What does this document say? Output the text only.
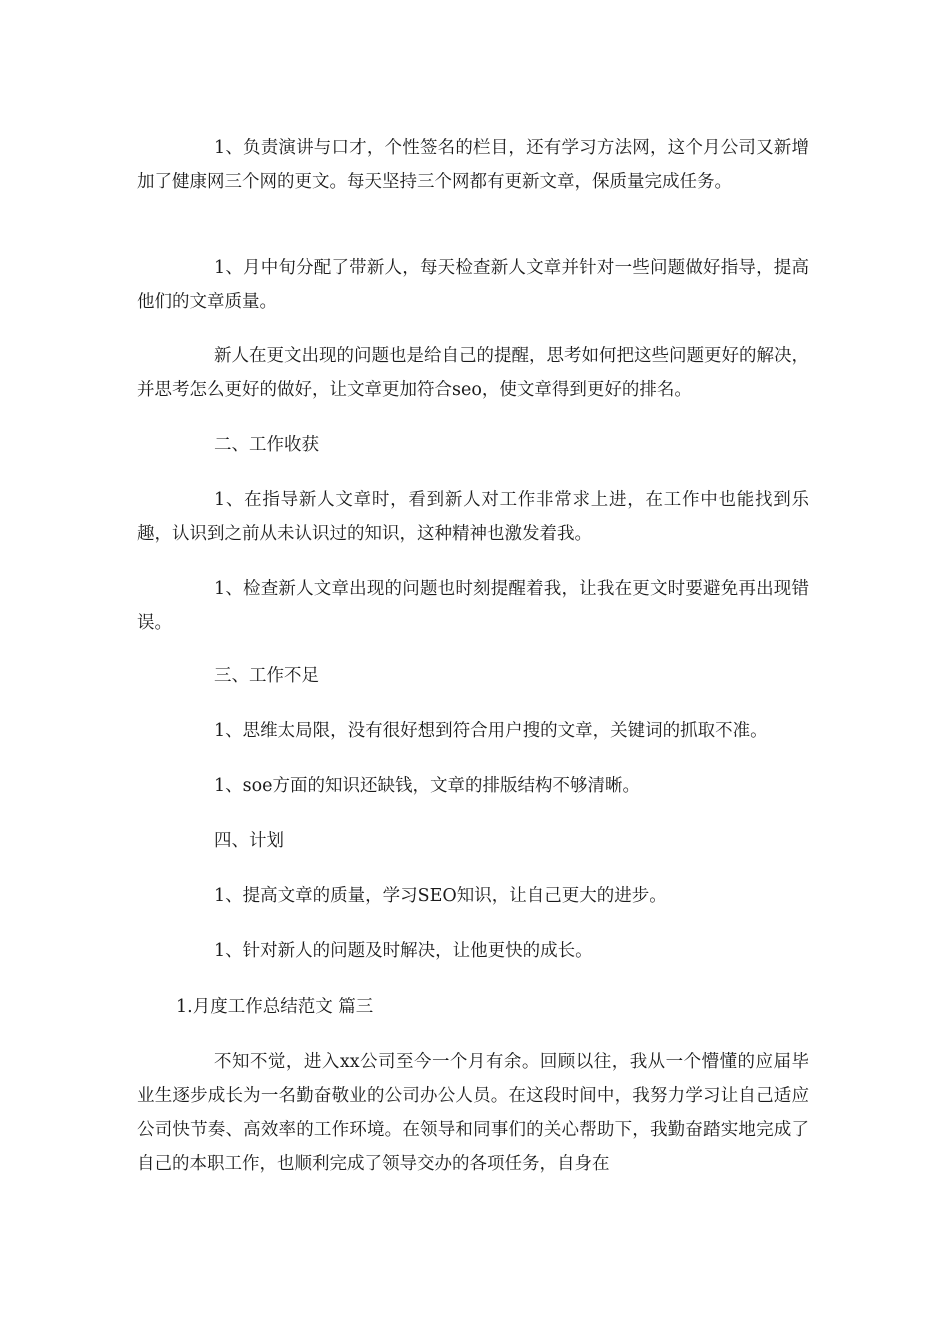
1、负责演讲与口才，个性签名的栏目，还有学习方法网，这个月公司又新增加了健康网三个网的更文。每天坚持三个网都有更新文章，保质量完成任务。

1、月中旬分配了带新人，每天检查新人文章并针对一些问题做好指导，提高他们的文章质量。

新人在更文出现的问题也是给自己的提醒，思考如何把这些问题更好的解决，并思考怎么更好的做好，让文章更加符合seo，使文章得到更好的排名。

二、工作收获

1、在指导新人文章时，看到新人对工作非常求上进，在工作中也能找到乐趣，认识到之前从未认识过的知识，这种精神也激发着我。

1、检查新人文章出现的问题也时刻提醒着我，让我在更文时要避免再出现错误。

三、工作不足

1、思维太局限，没有很好想到符合用户搜的文章，关键词的抓取不准。

1、soe方面的知识还缺钱，文章的排版结构不够清晰。

四、计划

1、提高文章的质量，学习SEO知识，让自己更大的进步。

1、针对新人的问题及时解决，让他更快的成长。

1.月度工作总结范文 篇三

不知不觉，进入xx公司至今一个月有余。回顾以往，我从一个懵懂的应届毕业生逐步成长为一名勤奋敬业的公司办公人员。在这段时间中，我努力学习让自己适应公司快节奏、高效率的工作环境。在领导和同事们的关心帮助下，我勤奋踏实地完成了自己的本职工作，也顺利完成了领导交办的各项任务，自身在
